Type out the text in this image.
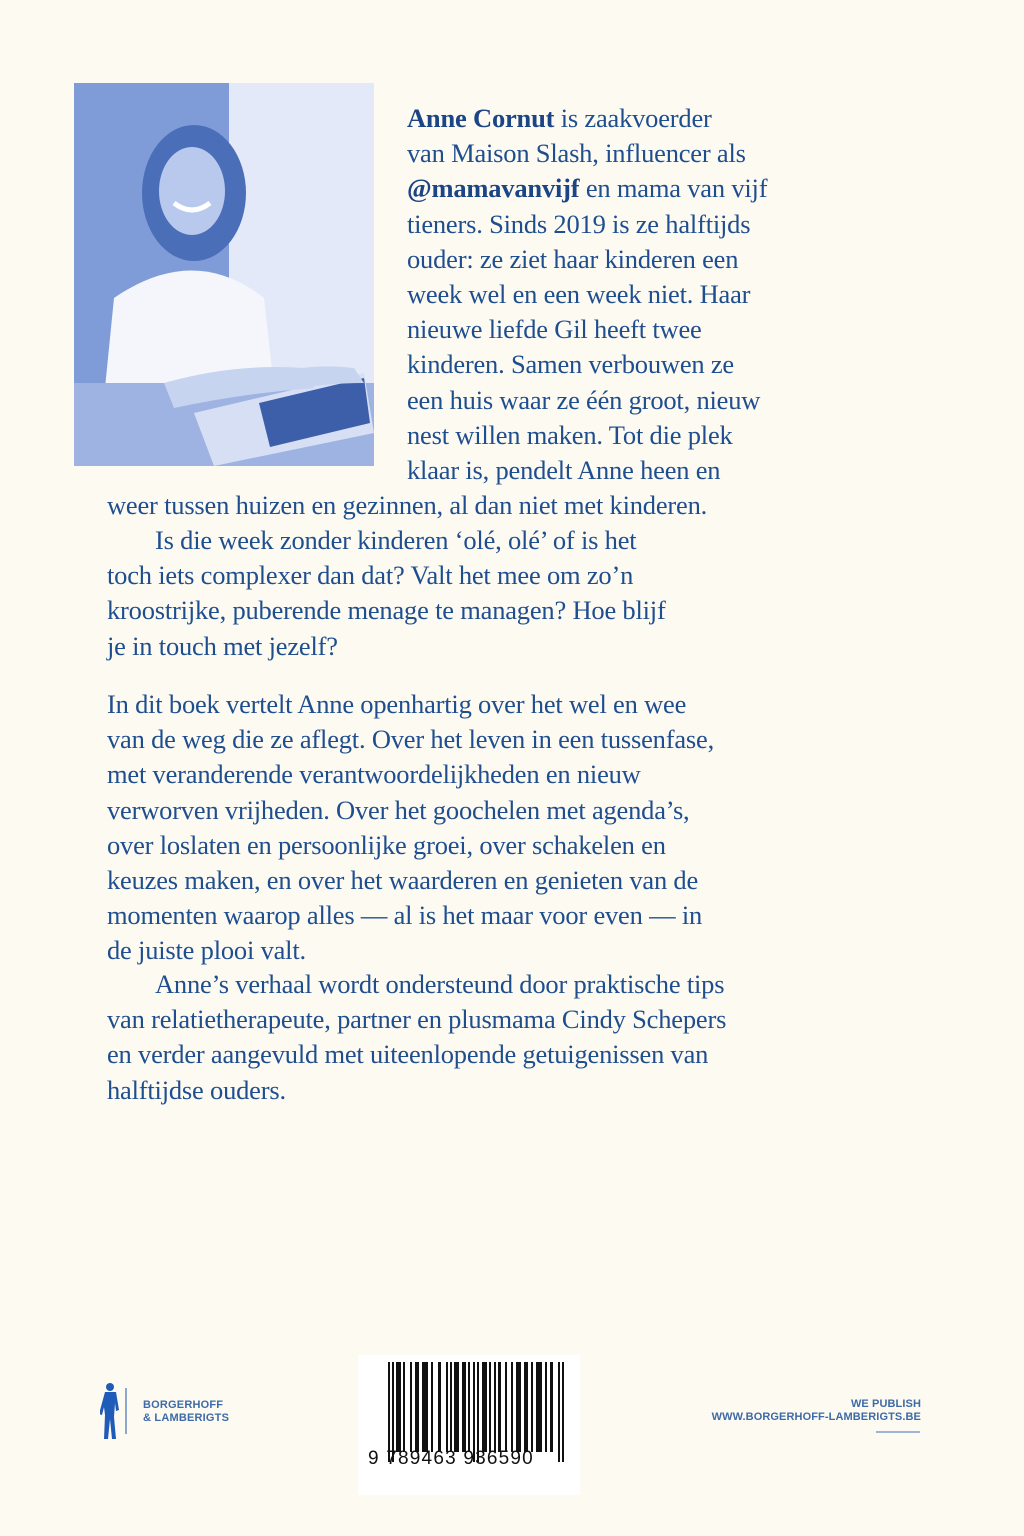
Anne Cornut is zaakvoerder
van Maison Slash, influencer als
@mamavanvijf en mama van vijf
tieners. Sinds 2019 is ze halftijds
ouder: ze ziet haar kinderen een
week wel en een week niet. Haar
nieuwe liefde Gil heeft twee
kinderen. Samen verbouwen ze
een huis waar ze één groot, nieuw
nest willen maken. Tot die plek
klaar is, pendelt Anne heen en
weer tussen huizen en gezinnen, al dan niet met kinderen.
Is die week zonder kinderen ‘olé, olé’ of is het
toch iets complexer dan dat? Valt het mee om zo’n
kroostrijke, puberende menage te managen? Hoe blijf
je in touch met jezelf?
In dit boek vertelt Anne openhartig over het wel en wee
van de weg die ze aflegt. Over het leven in een tussenfase,
met veranderende verantwoordelijkheden en nieuw
verworven vrijheden. Over het goochelen met agenda’s,
over loslaten en persoonlijke groei, over schakelen en
keuzes maken, en over het waarderen en genieten van de
momenten waarop alles — al is het maar voor even — in
de juiste plooi valt.
Anne’s verhaal wordt ondersteund door praktische tips
van relatietherapeute, partner en plusmama Cindy Schepers
en verder aangevuld met uiteenlopende getuigenissen van
halftijdse ouders.
BORGERHOFF
& LAMBERIGTS
9 789463 936590
WE PUBLISH
WWW.BORGERHOFF-LAMBERIGTS.BE
